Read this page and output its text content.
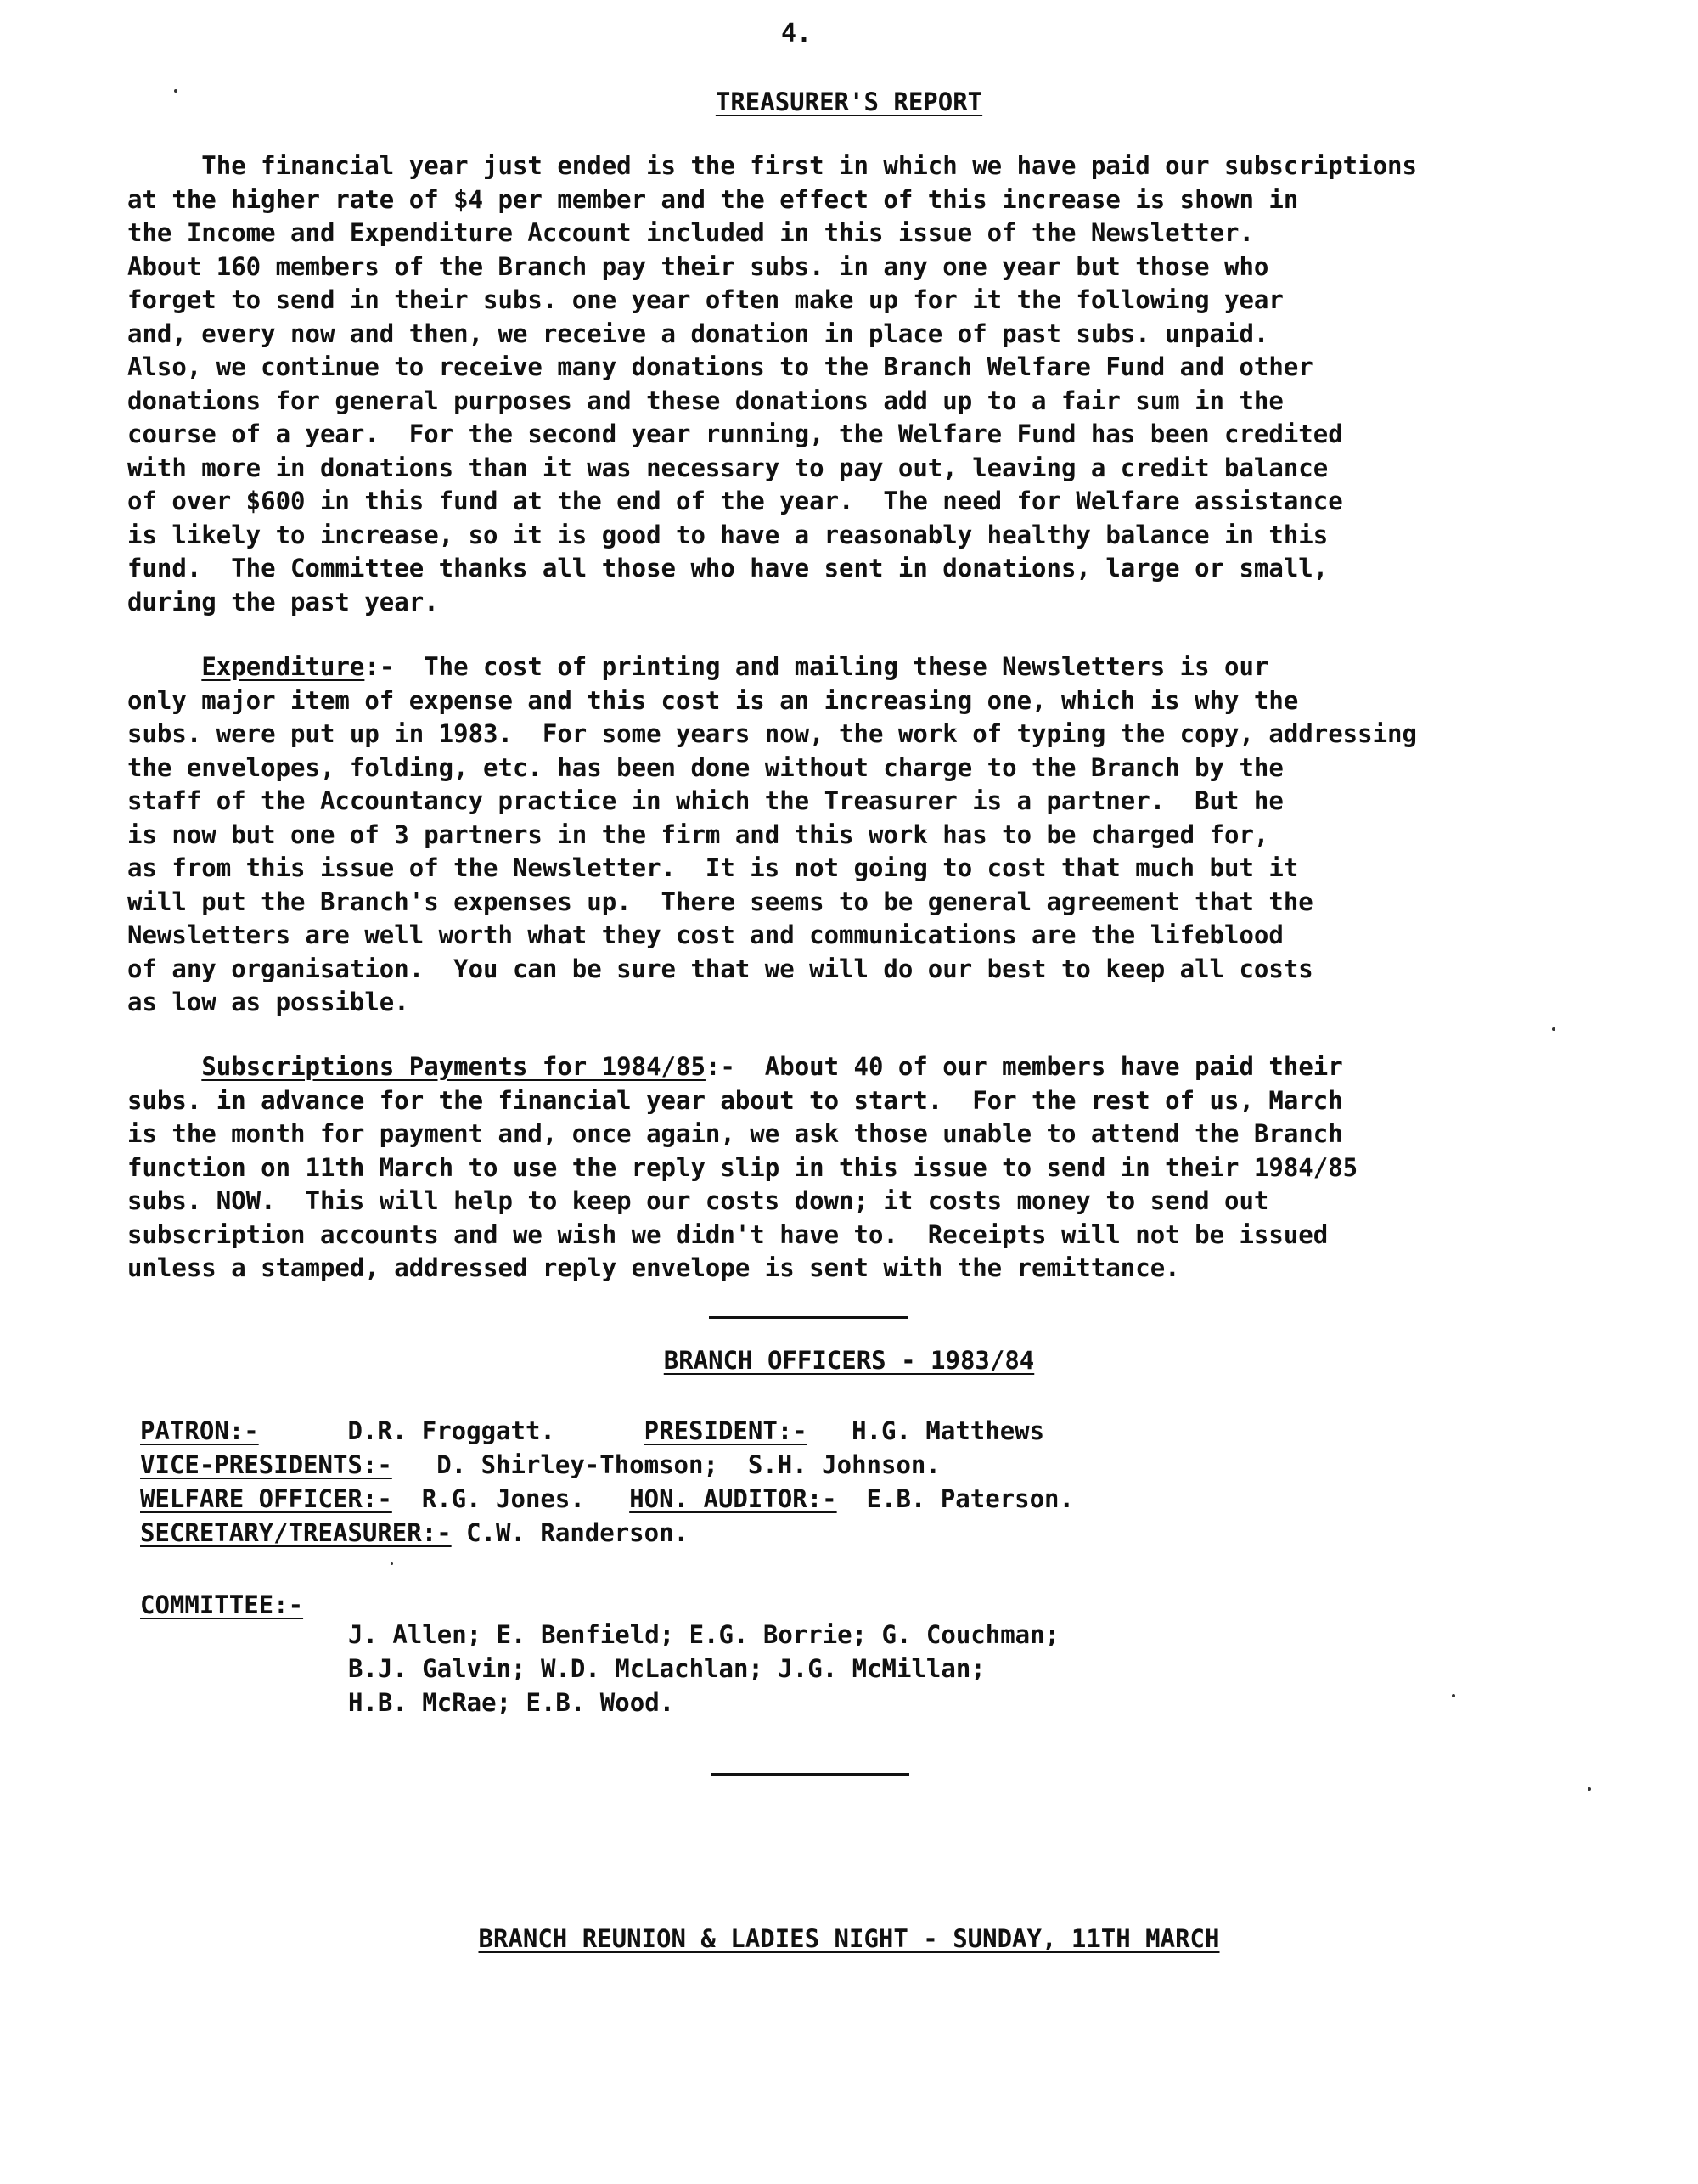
4.
TREASURER'S REPORT
The financial year just ended is the first in which we have paid our subscriptions
at the higher rate of $4 per member and the effect of this increase is shown in
the Income and Expenditure Account included in this issue of the Newsletter.
About 160 members of the Branch pay their subs. in any one year but those who
forget to send in their subs. one year often make up for it the following year
and, every now and then, we receive a donation in place of past subs. unpaid.
Also, we continue to receive many donations to the Branch Welfare Fund and other
donations for general purposes and these donations add up to a fair sum in the
course of a year.  For the second year running, the Welfare Fund has been credited
with more in donations than it was necessary to pay out, leaving a credit balance
of over $600 in this fund at the end of the year.  The need for Welfare assistance
is likely to increase, so it is good to have a reasonably healthy balance in this
fund.  The Committee thanks all those who have sent in donations, large or small,
during the past year.
Expenditure:-  The cost of printing and mailing these Newsletters is our
only major item of expense and this cost is an increasing one, which is why the
subs. were put up in 1983.  For some years now, the work of typing the copy, addressing
the envelopes, folding, etc. has been done without charge to the Branch by the
staff of the Accountancy practice in which the Treasurer is a partner.  But he
is now but one of 3 partners in the firm and this work has to be charged for,
as from this issue of the Newsletter.  It is not going to cost that much but it
will put the Branch's expenses up.  There seems to be general agreement that the
Newsletters are well worth what they cost and communications are the lifeblood
of any organisation.  You can be sure that we will do our best to keep all costs
as low as possible.
Subscriptions Payments for 1984/85:-  About 40 of our members have paid their
subs. in advance for the financial year about to start.  For the rest of us, March
is the month for payment and, once again, we ask those unable to attend the Branch
function on 11th March to use the reply slip in this issue to send in their 1984/85
subs. NOW.  This will help to keep our costs down; it costs money to send out
subscription accounts and we wish we didn't have to.  Receipts will not be issued
unless a stamped, addressed reply envelope is sent with the remittance.
BRANCH OFFICERS - 1983/84
PATRON:-	D.R. Froggatt.	PRESIDENT:- H.G. Matthews
VICE-PRESIDENTS:- D. Shirley-Thomson;  S.H. Johnson.
WELFARE OFFICER:- R.G. Jones. HON. AUDITOR:- E.B. Paterson.
SECRETARY/TREASURER:- C.W. Randerson.
COMMITTEE:-
J. Allen; E. Benfield; E.G. Borrie; G. Couchman;
B.J. Galvin; W.D. McLachlan; J.G. McMillan;
H.B. McRae; E.B. Wood.
BRANCH REUNION & LADIES NIGHT - SUNDAY, 11TH MARCH
